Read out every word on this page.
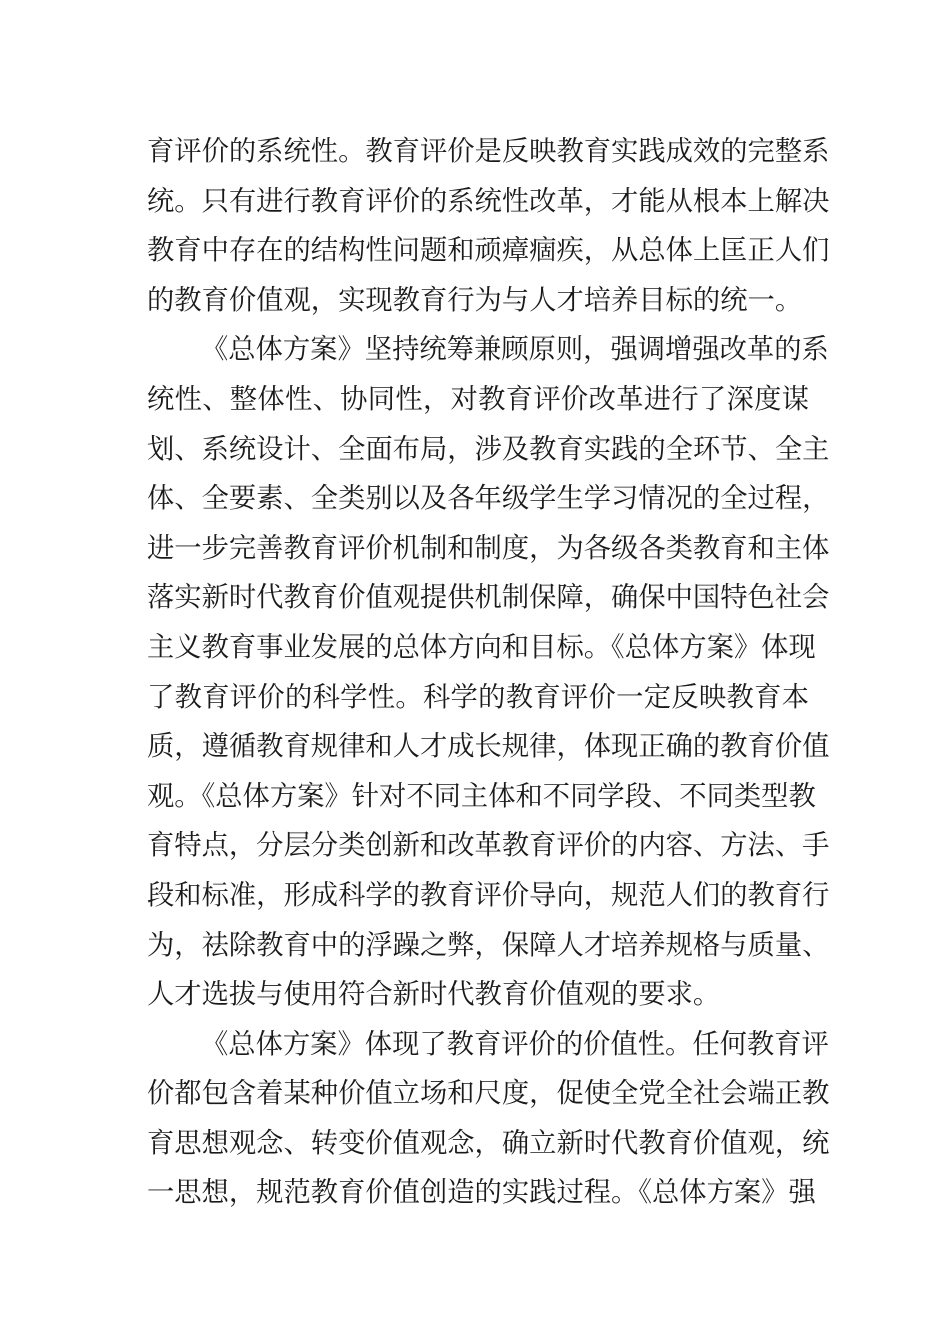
育评价的系统性。教育评价是反映教育实践成效的完整系
统。只有进行教育评价的系统性改革，才能从根本上解决
教育中存在的结构性问题和顽瘴痼疾，从总体上匡正人们
的教育价值观，实现教育行为与人才培养目标的统一。
《总体方案》坚持统筹兼顾原则，强调增强改革的系
统性、整体性、协同性，对教育评价改革进行了深度谋
划、系统设计、全面布局，涉及教育实践的全环节、全主
体、全要素、全类别以及各年级学生学习情况的全过程，
进一步完善教育评价机制和制度，为各级各类教育和主体
落实新时代教育价值观提供机制保障，确保中国特色社会
主义教育事业发展的总体方向和目标。《总体方案》体现
了教育评价的科学性。科学的教育评价一定反映教育本
质，遵循教育规律和人才成长规律，体现正确的教育价值
观。《总体方案》针对不同主体和不同学段、不同类型教
育特点，分层分类创新和改革教育评价的内容、方法、手
段和标准，形成科学的教育评价导向，规范人们的教育行
为，祛除教育中的浮躁之弊，保障人才培养规格与质量、
人才选拔与使用符合新时代教育价值观的要求。
《总体方案》体现了教育评价的价值性。任何教育评
价都包含着某种价值立场和尺度，促使全党全社会端正教
育思想观念、转变价值观念，确立新时代教育价值观，统
一思想，规范教育价值创造的实践过程。《总体方案》强
